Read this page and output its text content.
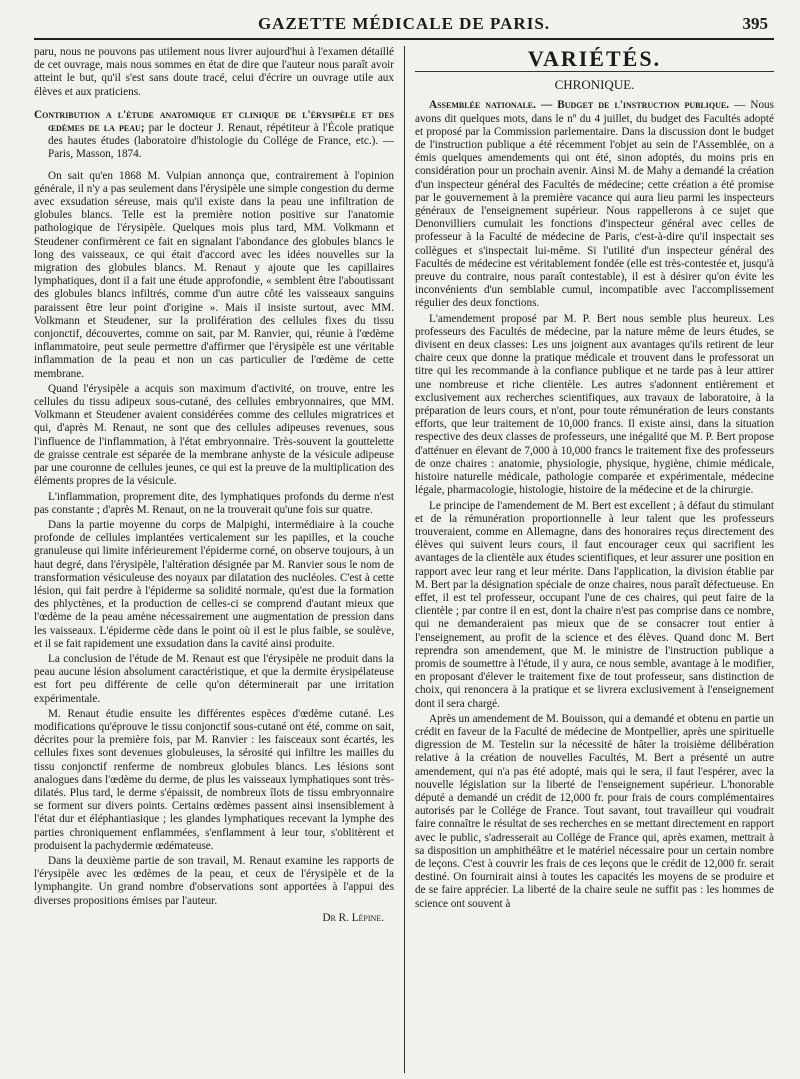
GAZETTE MÉDICALE DE PARIS.	395

paru, nous ne pouvons pas utilement nous livrer aujourd'hui à l'examen détaillé de cet ouvrage, mais nous sommes en état de dire que l'auteur nous paraît avoir atteint le but, qu'il s'est sans doute tracé, celui d'écrire un ouvrage utile aux élèves et aux praticiens.

Contribution a l'étude anatomique et clinique de l'érysipèle et des œdèmes de la peau; par le docteur J. Renaut, répétiteur à l'École pratique des hautes études (laboratoire d'histologie du Collége de France, etc.). — Paris, Masson, 1874.

On sait qu'en 1868 M. Vulpian annonça que, contrairement à l'opinion générale, il n'y a pas seulement dans l'érysipèle une simple congestion du derme avec exsudation séreuse, mais qu'il existe dans la peau une infiltration de globules blancs. Telle est la première notion positive sur l'anatomie pathologique de l'érysipèle. Quelques mois plus tard, MM. Volkmann et Steudener confirmèrent ce fait en signalant l'abondance des globules blancs le long des vaisseaux, ce qui était d'accord avec les idées nouvelles sur la migration des globules blancs. M. Renaut y ajoute que les capillaires lymphatiques, dont il a fait une étude approfondie, « semblent être l'aboutissant des globules blancs infiltrés, comme d'un autre côté les vaisseaux sanguins paraissent être leur point d'origine ». Mais il insiste surtout, avec MM. Volkmann et Steudener, sur la prolifération des cellules fixes du tissu conjonctif, découvertes, comme on sait, par M. Ranvier, qui, réunie à l'œdème inflammatoire, peut seule permettre d'affirmer que l'érysipèle est une véritable inflammation de la peau et non un cas particulier de l'œdème de cette membrane.

Quand l'érysipèle a acquis son maximum d'activité, on trouve, entre les cellules du tissu adipeux sous-cutané, des cellules embryonnaires, que MM. Volkmann et Steudener avaient considérées comme des cellules migratrices et qui, d'après M. Renaut, ne sont que des cellules adipeuses revenues, sous l'influence de l'inflammation, à l'état embryonnaire. Très-souvent la gouttelette de graisse centrale est séparée de la membrane anhyste de la vésicule adipeuse par une couronne de cellules jeunes, ce qui est la preuve de la multiplication des éléments propres de la vésicule.

L'inflammation, proprement dite, des lymphatiques profonds du derme n'est pas constante ; d'après M. Renaut, on ne la trouverait qu'une fois sur quatre.

Dans la partie moyenne du corps de Malpighi, intermédiaire à la couche profonde de cellules implantées verticalement sur les papilles, et la couche granuleuse qui limite inférieurement l'épiderme corné, on observe toujours, à un haut degré, dans l'érysipèle, l'altération désignée par M. Ranvier sous le nom de transformation vésiculeuse des noyaux par dilatation des nucléoles. C'est à cette lésion, qui fait perdre à l'épiderme sa solidité normale, qu'est due la formation des phlyctènes, et la production de celles-ci se comprend d'autant mieux que l'œdème de la peau amène nécessairement une augmentation de pression dans les vaisseaux. L'épiderme cède dans le point où il est le plus faible, se soulève, et il se fait rapidement une exsudation dans la cavité ainsi produite.

La conclusion de l'étude de M. Renaut est que l'érysipèle ne produit dans la peau aucune lésion absolument caractéristique, et que la dermite érysipélateuse est fort peu différente de celle qu'on déterminerait par une irritation expérimentale.

M. Renaut étudie ensuite les différentes espèces d'œdème cutané. Les modifications qu'éprouve le tissu conjonctif sous-cutané ont été, comme on sait, décrites pour la première fois, par M. Ranvier : les faisceaux sont écartés, les cellules fixes sont devenues globuleuses, la sérosité qui infiltre les mailles du tissu conjonctif renferme de nombreux globules blancs. Les lésions sont analogues dans l'œdème du derme, de plus les vaisseaux lymphatiques sont très-dilatés. Plus tard, le derme s'épaissit, de nombreux îlots de tissu embryonnaire se forment sur divers points. Certains œdèmes passent ainsi insensiblement à l'état dur et éléphantiasique ; les glandes lymphatiques recevant la lymphe des parties chroniquement enflammées, s'enflamment à leur tour, s'oblitèrent et produisent la pachydermie œdémateuse.

Dans la deuxième partie de son travail, M. Renaut examine les rapports de l'érysipèle avec les œdèmes de la peau, et ceux de l'érysipèle et de la lymphangite. Un grand nombre d'observations sont apportées à l'appui des diverses propositions émises par l'auteur.

Dr R. Lépine.
VARIÉTÉS.
CHRONIQUE.

Assemblée nationale. — Budget de l'instruction publique. — Nous avons dit quelques mots, dans le nº du 4 juillet, du budget des Facultés adopté et proposé par la Commission parlementaire. Dans la discussion dont le budget de l'instruction publique a été récemment l'objet au sein de l'Assemblée, on a émis quelques amendements qui ont été, sinon adoptés, du moins pris en considération pour un prochain avenir. Ainsi M. de Mahy a demandé la création d'un inspecteur général des Facultés de médecine; cette création a été promise par le gouvernement à la première vacance qui aura lieu parmi les inspecteurs généraux de l'enseignement supérieur. Nous rappellerons à ce sujet que Denonvilliers cumulait les fonctions d'inspecteur général avec celles de professeur à la Faculté de médecine de Paris, c'est-à-dire qu'il inspectait ses collègues et s'inspectait lui-même. Si l'utilité d'un inspecteur général des Facultés de médecine est véritablement fondée (elle est très-contestée et, jusqu'à preuve du contraire, nous paraît contestable), il est à désirer qu'on évite les inconvénients d'un semblable cumul, incompatible avec l'accomplissement régulier des deux fonctions.

L'amendement proposé par M. P. Bert nous semble plus heureux. Les professeurs des Facultés de médecine, par la nature même de leurs études, se divisent en deux classes: Les uns joignent aux avantages qu'ils retirent de leur chaire ceux que donne la pratique médicale et trouvent dans le professorat un titre qui les recommande à la confiance publique et ne tarde pas à leur attirer une nombreuse et riche clientèle. Les autres s'adonnent entièrement et exclusivement aux recherches scientifiques, aux travaux de laboratoire, à la préparation de leurs cours, et n'ont, pour toute rémunération de leurs constants efforts, que leur traitement de 10,000 francs. Il existe ainsi, dans la situation respective des deux classes de professeurs, une inégalité que M. P. Bert propose d'atténuer en élevant de 7,000 à 10,000 francs le traitement fixe des professeurs de onze chaires : anatomie, physiologie, physique, hygiène, chimie médicale, histoire naturelle médicale, pathologie comparée et expérimentale, médecine légale, pharmacologie, histologie, histoire de la médecine et de la chirurgie.

Le principe de l'amendement de M. Bert est excellent ; à défaut du stimulant et de la rémunération proportionnelle à leur talent que les professeurs trouveraient, comme en Allemagne, dans des honoraires reçus directement des élèves qui suivent leurs cours, il faut encourager ceux qui sacrifient les avantages de la clientèle aux études scientifiques, et leur assurer une position en rapport avec leur rang et leur mérite. Dans l'application, la division établie par M. Bert par la désignation spéciale de onze chaires, nous paraît défectueuse. En effet, il est tel professeur, occupant l'une de ces chaires, qui peut faire de la clientèle ; par contre il en est, dont la chaire n'est pas comprise dans ce nombre, qui ne demanderaient pas mieux que de se consacrer tout entier à l'enseignement, au profit de la science et des élèves. Quand donc M. Bert reprendra son amendement, que M. le ministre de l'instruction publique a promis de soumettre à l'étude, il y aura, ce nous semble, avantage à le modifier, en proposant d'élever le traitement fixe de tout professeur, sans distinction de choix, qui renoncera à la pratique et se livrera exclusivement à l'enseignement dont il sera chargé.

Après un amendement de M. Bouisson, qui a demandé et obtenu en partie un crédit en faveur de la Faculté de médecine de Montpellier, après une spirituelle digression de M. Testelin sur la nécessité de hâter la troisième délibération relative à la création de nouvelles Facultés, M. Bert a présenté un autre amendement, qui n'a pas été adopté, mais qui le sera, il faut l'espérer, avec la nouvelle législation sur la liberté de l'enseignement supérieur. L'honorable député a demandé un crédit de 12,000 fr. pour frais de cours complémentaires autorisés par le Collége de France. Tout savant, tout travailleur qui voudrait faire connaître le résultat de ses recherches en se mettant directement en rapport avec le public, s'adresserait au Collége de France qui, après examen, mettrait à sa disposition un amphithéâtre et le matériel nécessaire pour un certain nombre de leçons. C'est à couvrir les frais de ces leçons que le crédit de 12,000 fr. serait destiné. On fournirait ainsi à toutes les capacités les moyens de se produire et de se faire apprécier. La liberté de la chaire seule ne suffit pas : les hommes de science ont souvent à
